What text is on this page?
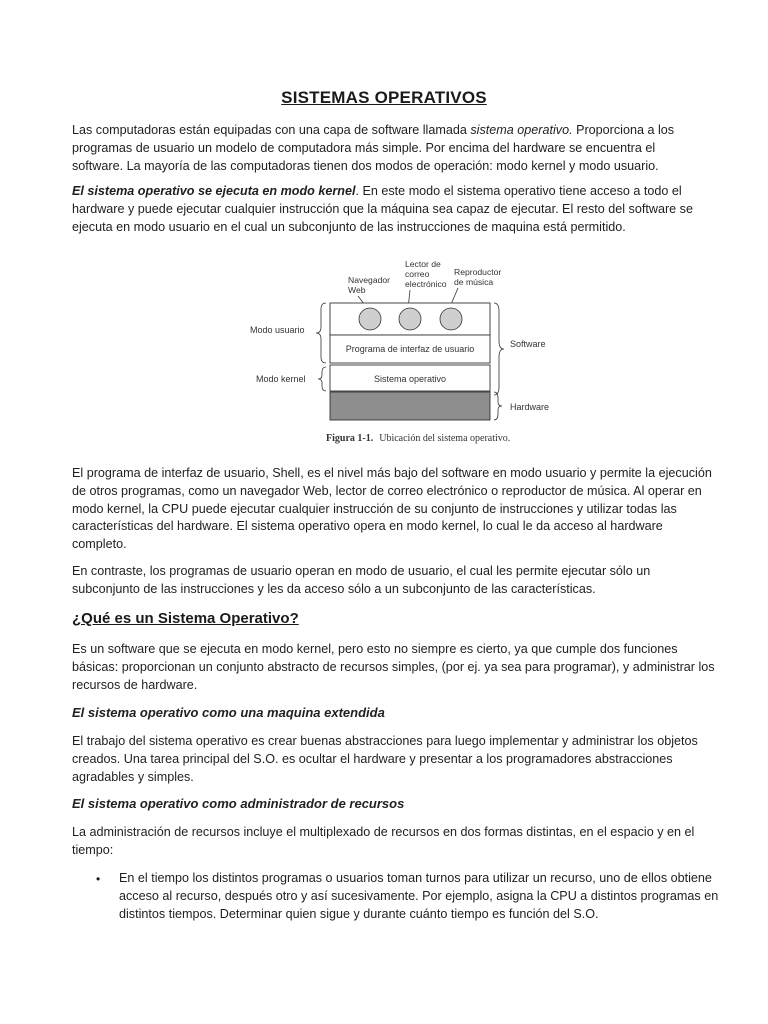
SISTEMAS OPERATIVOS
Las computadoras están equipadas con una capa de software llamada sistema operativo. Proporciona a los programas de usuario un modelo de computadora más simple. Por encima del hardware se encuentra el software. La mayoría de las computadoras tienen dos modos de operación: modo kernel y modo usuario.
El sistema operativo se ejecuta en modo kernel. En este modo el sistema operativo tiene acceso a todo el hardware y puede ejecutar cualquier instrucción que la máquina sea capaz de ejecutar. El resto del software se ejecuta en modo usuario en el cual un subconjunto de las instrucciones de maquina está permitido.
Navegador Web
Lector de correo electrónico
Reproductor de música
Programa de interfaz de usuario
Sistema operativo
Modo usuario
Modo kernel
Software
Hardware
Figura 1-1. Ubicación del sistema operativo.
El programa de interfaz de usuario, Shell, es el nivel más bajo del software en modo usuario y permite la ejecución de otros programas, como un navegador Web, lector de correo electrónico o reproductor de música. Al operar en modo kernel, la CPU puede ejecutar cualquier instrucción de su conjunto de instrucciones y utilizar todas las características del hardware. El sistema operativo opera en modo kernel, lo cual le da acceso al hardware completo.
En contraste, los programas de usuario operan en modo de usuario, el cual les permite ejecutar sólo un subconjunto de las instrucciones y les da acceso sólo a un subconjunto de las características.
¿Qué es un Sistema Operativo?
Es un software que se ejecuta en modo kernel, pero esto no siempre es cierto, ya que cumple dos funciones básicas: proporcionan un conjunto abstracto de recursos simples, (por ej. ya sea para programar), y administrar los recursos de hardware.
El sistema operativo como una maquina extendida
El trabajo del sistema operativo es crear buenas abstracciones para luego implementar y administrar los objetos creados. Una tarea principal del S.O. es ocultar el hardware y presentar a los programadores abstracciones agradables y simples.
El sistema operativo como administrador de recursos
La administración de recursos incluye el multiplexado de recursos en dos formas distintas, en el espacio y en el tiempo:
• En el tiempo los distintos programas o usuarios toman turnos para utilizar un recurso, uno de ellos obtiene acceso al recurso, después otro y así sucesivamente. Por ejemplo, asigna la CPU a distintos programas en distintos tiempos. Determinar quien sigue y durante cuánto tiempo es función del S.O.
